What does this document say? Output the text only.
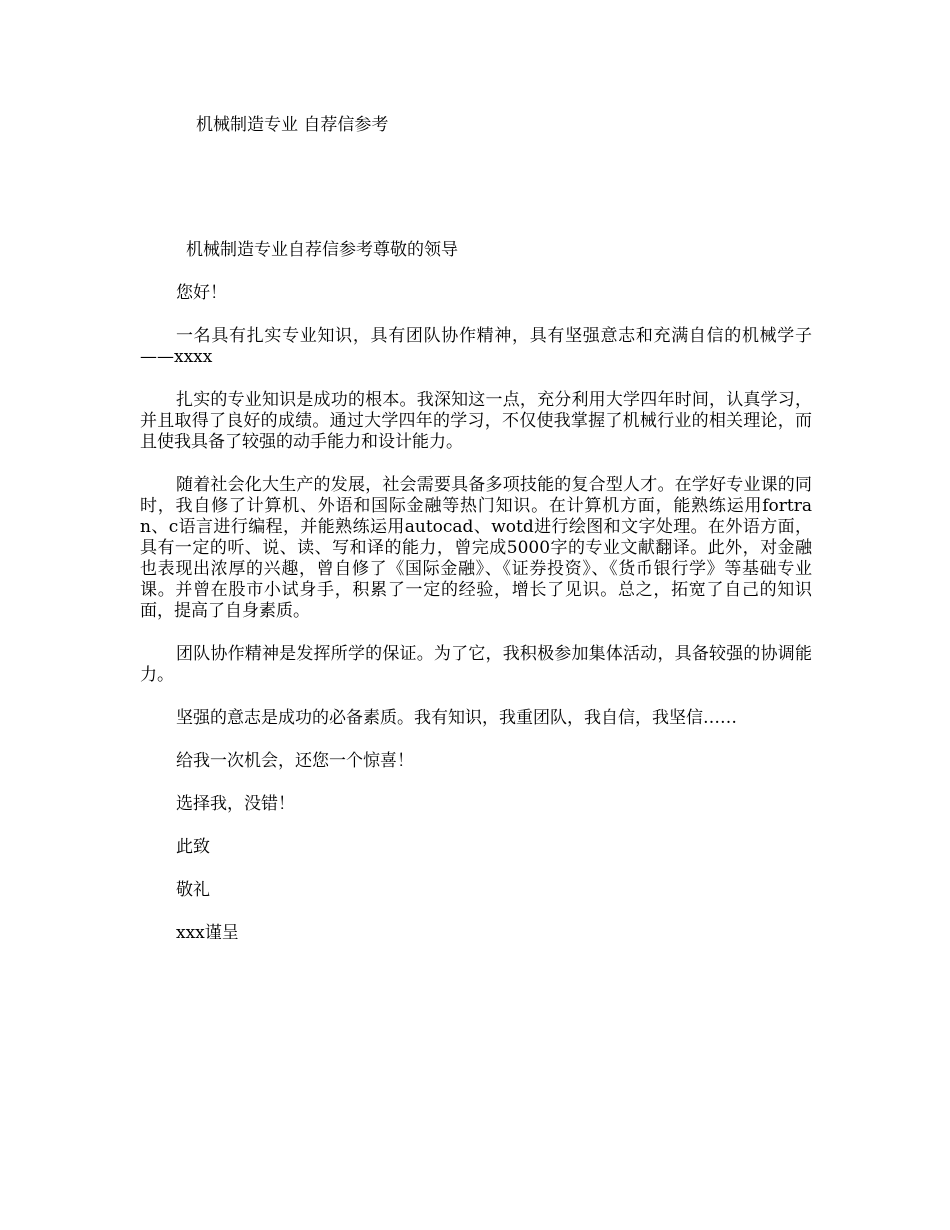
机械制造专业 自荐信参考

机械制造专业自荐信参考尊敬的领导

您好！

一名具有扎实专业知识，具有团队协作精神，具有坚强意志和充满自信的机械学子——xxxx

扎实的专业知识是成功的根本。我深知这一点，充分利用大学四年时间，认真学习，并且取得了良好的成绩。通过大学四年的学习，不仅使我掌握了机械行业的相关理论，而且使我具备了较强的动手能力和设计能力。

随着社会化大生产的发展，社会需要具备多项技能的复合型人才。在学好专业课的同时，我自修了计算机、外语和国际金融等热门知识。在计算机方面，能熟练运用fortran、c语言进行编程，并能熟练运用autocad、wotd进行绘图和文字处理。在外语方面，具有一定的听、说、读、写和译的能力，曾完成5000字的专业文献翻译。此外，对金融也表现出浓厚的兴趣，曾自修了《国际金融》、《证券投资》、《货币银行学》等基础专业课。并曾在股市小试身手，积累了一定的经验，增长了见识。总之，拓宽了自己的知识面，提高了自身素质。

团队协作精神是发挥所学的保证。为了它，我积极参加集体活动，具备较强的协调能力。

坚强的意志是成功的必备素质。我有知识，我重团队，我自信，我坚信……

给我一次机会，还您一个惊喜！

选择我，没错！

此致

敬礼

xxx谨呈
